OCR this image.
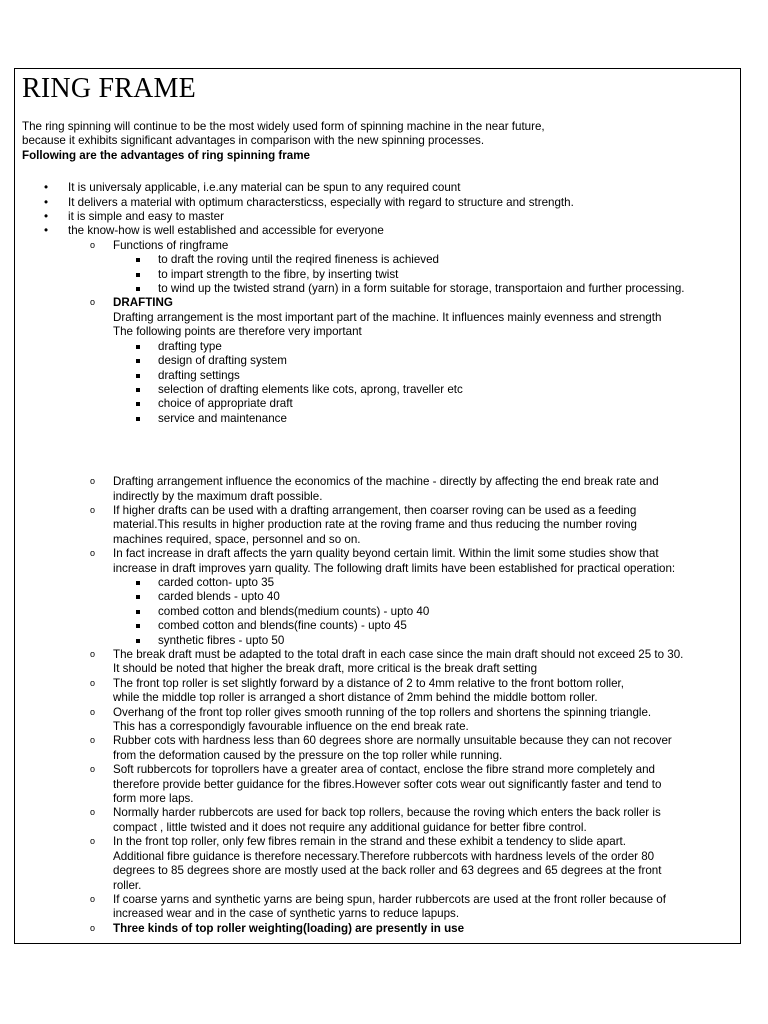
RING FRAME

The ring spinning will continue to be the most widely used form of spinning machine in the near future,
because it exhibits significant advantages in comparison with the new spinning processes.
Following are the advantages of ring spinning frame

• It is universaly applicable, i.e.any material can be spun to any required count
• It delivers a material with optimum charactersticss, especially with regard to structure and strength.
• it is simple and easy to master
• the know-how is well established and accessible for everyone
o Functions of ringframe
to draft the roving until the reqired fineness is achieved
to impart strength to the fibre, by inserting twist
to wind up the twisted strand (yarn) in a form suitable for storage, transportaion and further processing.
o DRAFTING
Drafting arrangement is the most important part of the machine. It influences mainly evenness and strength
The following points are therefore very important
drafting type
design of drafting system
drafting settings
selection of drafting elements like cots, aprong, traveller etc
choice of appropriate draft
service and maintenance
o Drafting arrangement influence the economics of the machine - directly by affecting the end break rate and
indirectly by the maximum draft possible.
o If higher drafts can be used with a drafting arrangement, then coarser roving can be used as a feeding
material.This results in higher production rate at the roving frame and thus reducing the number roving
machines required, space, personnel and so on.
o In fact increase in draft affects the yarn quality beyond certain limit. Within the limit some studies show that
increase in draft improves yarn quality. The following draft limits have been established for practical operation:
carded cotton- upto 35
carded blends - upto 40
combed cotton and blends(medium counts) - upto 40
combed cotton and blends(fine counts) - upto 45
synthetic fibres - upto 50
o The break draft must be adapted to the total draft in each case since the main draft should not exceed 25 to 30.
It should be noted that higher the break draft, more critical is the break draft setting
o The front top roller is set slightly forward by a distance of 2 to 4mm relative to the front bottom roller,
while the middle top roller is arranged a short distance of 2mm behind the middle bottom roller.
o Overhang of the front top roller gives smooth running of the top rollers and shortens the spinning triangle.
This has a correspondigly favourable influence on the end break rate.
o Rubber cots with hardness less than 60 degrees shore are normally unsuitable because they can not recover
from the deformation caused by the pressure on the top roller while running.
o Soft rubbercots for toprollers have a greater area of contact, enclose the fibre strand more completely and
therefore provide better guidance for the fibres.However softer cots wear out significantly faster and tend to
form more laps.
o Normally harder rubbercots are used for back top rollers, because the roving which enters the back roller is
compact , little twisted and it does not require any additional guidance for better fibre control.
o In the front top roller, only few fibres remain in the strand and these exhibit a tendency to slide apart.
Additional fibre guidance is therefore necessary.Therefore rubbercots with hardness levels of the order 80
degrees to 85 degrees shore are mostly used at the back roller and 63 degrees and 65 degrees at the front
roller.
o If coarse yarns and synthetic yarns are being spun, harder rubbercots are used at the front roller because of
increased wear and in the case of synthetic yarns to reduce lapups.
o Three kinds of top roller weighting(loading) are presently in use
